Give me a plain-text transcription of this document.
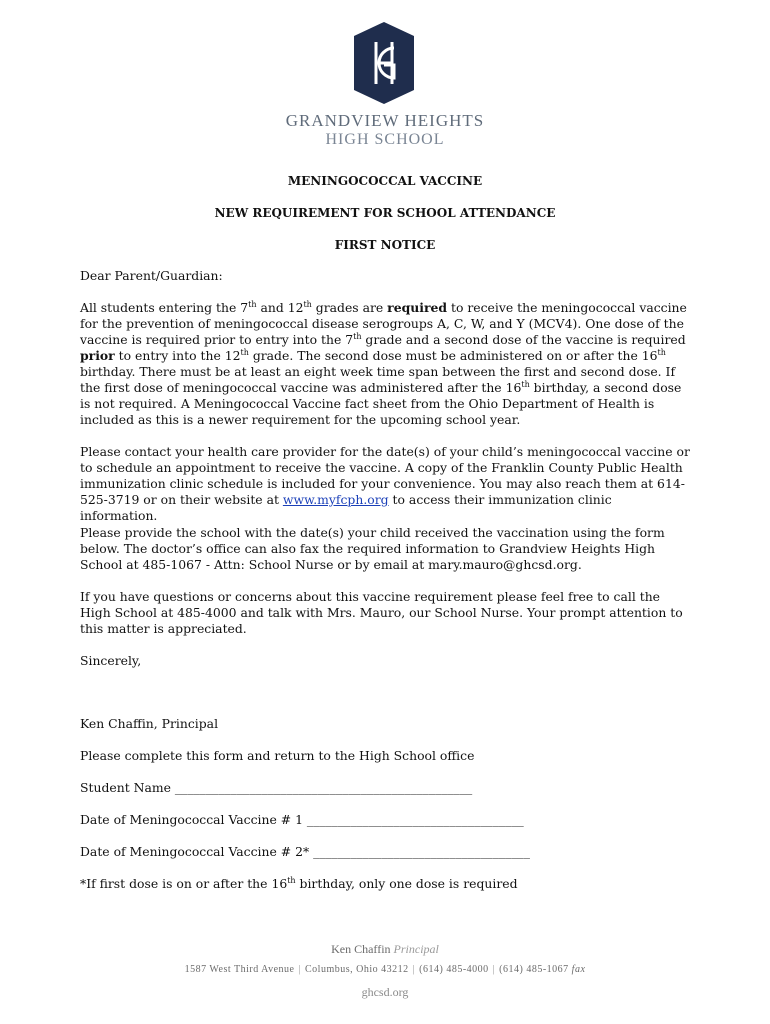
GRANDVIEW HEIGHTS
HIGH SCHOOL
MENINGOCOCCAL VACCINE
NEW REQUIREMENT FOR SCHOOL ATTENDANCE
FIRST NOTICE

Dear Parent/Guardian:

All students entering the 7th and 12th grades are required to receive the meningococcal vaccine for the prevention of meningococcal disease serogroups A, C, W, and Y (MCV4). One dose of the vaccine is required prior to entry into the 7th grade and a second dose of the vaccine is required prior to entry into the 12th grade. The second dose must be administered on or after the 16th birthday. There must be at least an eight week time span between the first and second dose. If the first dose of meningococcal vaccine was administered after the 16th birthday, a second dose is not required. A Meningococcal Vaccine fact sheet from the Ohio Department of Health is included as this is a newer requirement for the upcoming school year.

Please contact your health care provider for the date(s) of your child’s meningococcal vaccine or to schedule an appointment to receive the vaccine. A copy of the Franklin County Public Health immunization clinic schedule is included for your convenience. You may also reach them at 614-525-3719 or on their website at www.myfcph.org to access their immunization clinic information.

Please provide the school with the date(s) your child received the vaccination using the form below. The doctor’s office can also fax the required information to Grandview Heights High School at 485-1067 - Attn: School Nurse or by email at mary.mauro@ghcsd.org.

If you have questions or concerns about this vaccine requirement please feel free to call the High School at 485-4000 and talk with Mrs. Mauro, our School Nurse. Your prompt attention to this matter is appreciated.

Sincerely,

Ken Chaffin, Principal

Please complete this form and return to the High School office

Student Name ________________________________________________

Date of Meningococcal Vaccine # 1 ___________________________________

Date of Meningococcal Vaccine # 2* ___________________________________

*If first dose is on or after the 16th birthday, only one dose is required

Ken Chaffin Principal
1587 West Third Avenue | Columbus, Ohio 43212 | (614) 485-4000 | (614) 485-1067 fax
ghcsd.org
